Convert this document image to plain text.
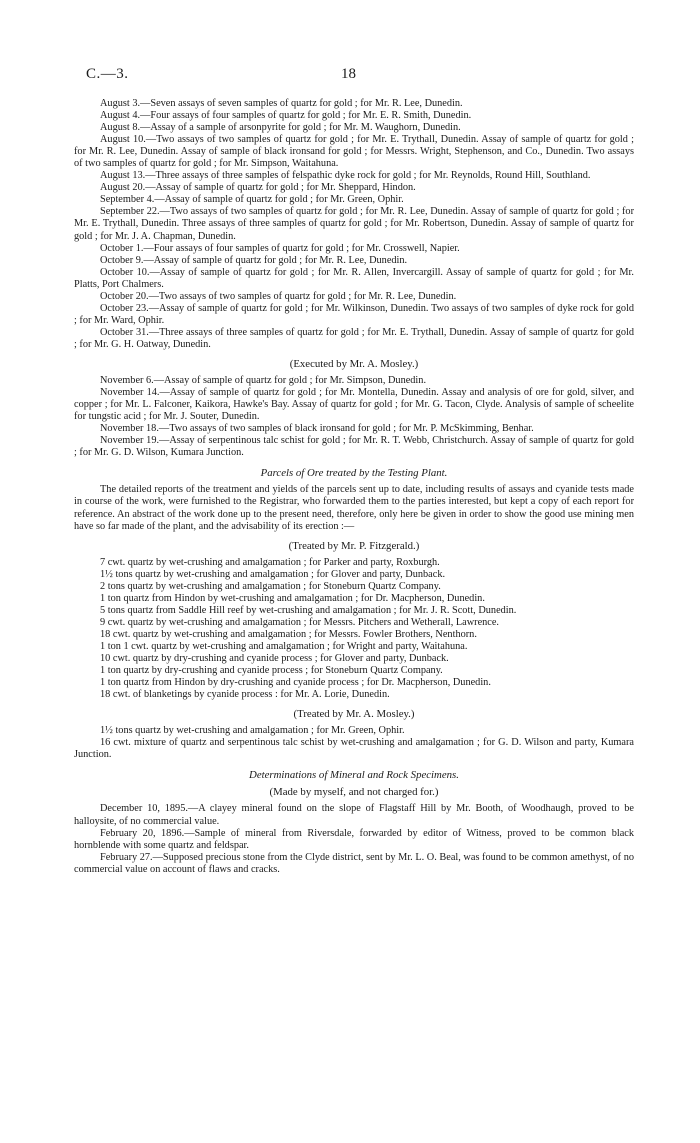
C.—3.	18

August 3.—Seven assays of seven samples of quartz for gold ; for Mr. R. Lee, Dunedin.

August 4.—Four assays of four samples of quartz for gold ; for Mr. E. R. Smith, Dunedin.

August 8.—Assay of a sample of arsonpyrite for gold ; for Mr. M. Waughorn, Dunedin.

August 10.—Two assays of two samples of quartz for gold ; for Mr. E. Trythall, Dunedin. Assay of sample of quartz for gold ; for Mr. R. Lee, Dunedin. Assay of sample of black ironsand for gold ; for Messrs. Wright, Stephenson, and Co., Dunedin. Two assays of two samples of quartz for gold ; for Mr. Simpson, Waitahuna.

August 13.—Three assays of three samples of felspathic dyke rock for gold ; for Mr. Reynolds, Round Hill, Southland.

August 20.—Assay of sample of quartz for gold ; for Mr. Sheppard, Hindon.

September 4.—Assay of sample of quartz for gold ; for Mr. Green, Ophir.

September 22.—Two assays of two samples of quartz for gold ; for Mr. R. Lee, Dunedin. Assay of sample of quartz for gold ; for Mr. E. Trythall, Dunedin. Three assays of three samples of quartz for gold ; for Mr. Robertson, Dunedin. Assay of sample of quartz for gold ; for Mr. J. A. Chapman, Dunedin.

October 1.—Four assays of four samples of quartz for gold ; for Mr. Crosswell, Napier.

October 9.—Assay of sample of quartz for gold ; for Mr. R. Lee, Dunedin.

October 10.—Assay of sample of quartz for gold ; for Mr. R. Allen, Invercargill. Assay of sample of quartz for gold ; for Mr. Platts, Port Chalmers.

October 20.—Two assays of two samples of quartz for gold ; for Mr. R. Lee, Dunedin.

October 23.—Assay of sample of quartz for gold ; for Mr. Wilkinson, Dunedin. Two assays of two samples of dyke rock for gold ; for Mr. Ward, Ophir.

October 31.—Three assays of three samples of quartz for gold ; for Mr. E. Trythall, Dunedin. Assay of sample of quartz for gold ; for Mr. G. H. Oatway, Dunedin.

(Executed by Mr. A. Mosley.)

November 6.—Assay of sample of quartz for gold ; for Mr. Simpson, Dunedin.

November 14.—Assay of sample of quartz for gold ; for Mr. Montella, Dunedin. Assay and analysis of ore for gold, silver, and copper ; for Mr. L. Falconer, Kaikora, Hawke's Bay. Assay of quartz for gold ; for Mr. G. Tacon, Clyde. Analysis of sample of scheelite for tungstic acid ; for Mr. J. Souter, Dunedin.

November 18.—Two assays of two samples of black ironsand for gold ; for Mr. P. McSkimming, Benhar.

November 19.—Assay of serpentinous talc schist for gold ; for Mr. R. T. Webb, Christchurch. Assay of sample of quartz for gold ; for Mr. G. D. Wilson, Kumara Junction.

Parcels of Ore treated by the Testing Plant.

The detailed reports of the treatment and yields of the parcels sent up to date, including results of assays and cyanide tests made in course of the work, were furnished to the Registrar, who forwarded them to the parties interested, but kept a copy of each report for reference. An abstract of the work done up to the present need, therefore, only here be given in order to show the good use mining men have so far made of the plant, and the advisability of its erection :—

(Treated by Mr. P. Fitzgerald.)

7 cwt. quartz by wet-crushing and amalgamation ; for Parker and party, Roxburgh.

1½ tons quartz by wet-crushing and amalgamation ; for Glover and party, Dunback.

2 tons quartz by wet-crushing and amalgamation ; for Stoneburn Quartz Company.

1 ton quartz from Hindon by wet-crushing and amalgamation ; for Dr. Macpherson, Dunedin.

5 tons quartz from Saddle Hill reef by wet-crushing and amalgamation ; for Mr. J. R. Scott, Dunedin.

9 cwt. quartz by wet-crushing and amalgamation ; for Messrs. Pitchers and Wetherall, Lawrence.

18 cwt. quartz by wet-crushing and amalgamation ; for Messrs. Fowler Brothers, Nenthorn.

1 ton 1 cwt. quartz by wet-crushing and amalgamation ; for Wright and party, Waitahuna.

10 cwt. quartz by dry-crushing and cyanide process ; for Glover and party, Dunback.

1 ton quartz by dry-crushing and cyanide process ; for Stoneburn Quartz Company.

1 ton quartz from Hindon by dry-crushing and cyanide process ; for Dr. Macpherson, Dunedin.

18 cwt. of blanketings by cyanide process : for Mr. A. Lorie, Dunedin.

(Treated by Mr. A. Mosley.)

1½ tons quartz by wet-crushing and amalgamation ; for Mr. Green, Ophir.

16 cwt. mixture of quartz and serpentinous talc schist by wet-crushing and amalgamation ; for G. D. Wilson and party, Kumara Junction.

Determinations of Mineral and Rock Specimens.

(Made by myself, and not charged for.)

December 10, 1895.—A clayey mineral found on the slope of Flagstaff Hill by Mr. Booth, of Woodhaugh, proved to be halloysite, of no commercial value.

February 20, 1896.—Sample of mineral from Riversdale, forwarded by editor of Witness, proved to be common black hornblende with some quartz and feldspar.

February 27.—Supposed precious stone from the Clyde district, sent by Mr. L. O. Beal, was found to be common amethyst, of no commercial value on account of flaws and cracks.
